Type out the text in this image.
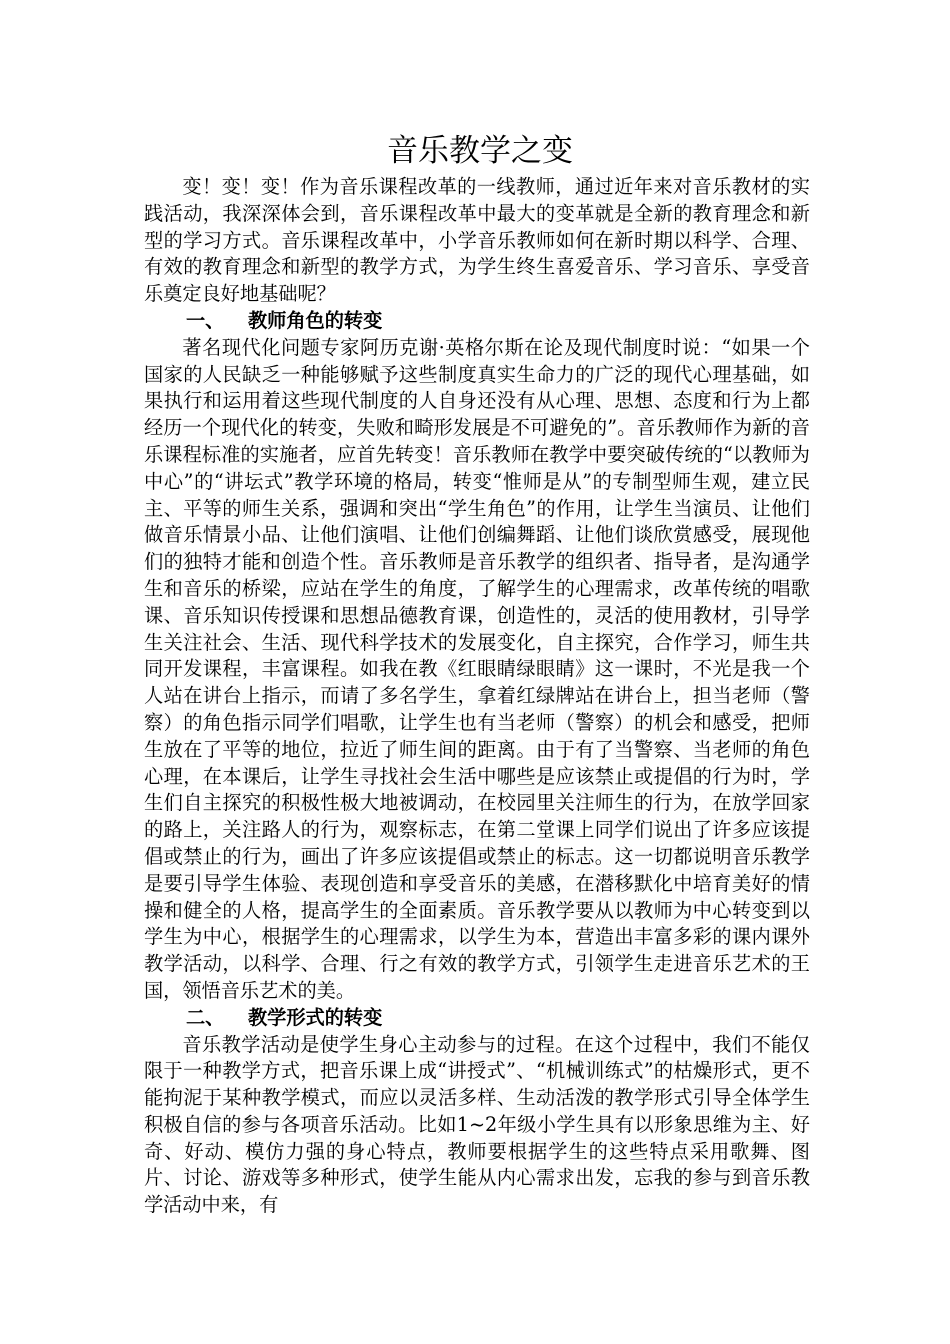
音乐教学之变

变！变！变！作为音乐课程改革的一线教师，通过近年来对音乐教材的实践活动，我深深体会到，音乐课程改革中最大的变革就是全新的教育理念和新型的学习方式。音乐课程改革中，小学音乐教师如何在新时期以科学、合理、有效的教育理念和新型的教学方式，为学生终生喜爱音乐、学习音乐、享受音乐奠定良好地基础呢？

一、 教师角色的转变

著名现代化问题专家阿历克谢·英格尔斯在论及现代制度时说：“如果一个国家的人民缺乏一种能够赋予这些制度真实生命力的广泛的现代心理基础，如果执行和运用着这些现代制度的人自身还没有从心理、思想、态度和行为上都经历一个现代化的转变，失败和畸形发展是不可避免的”。音乐教师作为新的音乐课程标准的实施者，应首先转变！音乐教师在教学中要突破传统的“以教师为中心”的“讲坛式”教学环境的格局，转变“惟师是从”的专制型师生观，建立民主、平等的师生关系，强调和突出“学生角色”的作用，让学生当演员、让他们做音乐情景小品、让他们演唱、让他们创编舞蹈、让他们谈欣赏感受，展现他们的独特才能和创造个性。音乐教师是音乐教学的组织者、指导者，是沟通学生和音乐的桥梁，应站在学生的角度，了解学生的心理需求，改革传统的唱歌课、音乐知识传授课和思想品德教育课，创造性的，灵活的使用教材，引导学生关注社会、生活、现代科学技术的发展变化，自主探究，合作学习，师生共同开发课程，丰富课程。如我在教《红眼睛绿眼睛》这一课时，不光是我一个人站在讲台上指示，而请了多名学生，拿着红绿牌站在讲台上，担当老师（警察）的角色指示同学们唱歌，让学生也有当老师（警察）的机会和感受，把师生放在了平等的地位，拉近了师生间的距离。由于有了当警察、当老师的角色心理，在本课后，让学生寻找社会生活中哪些是应该禁止或提倡的行为时，学生们自主探究的积极性极大地被调动，在校园里关注师生的行为，在放学回家的路上，关注路人的行为，观察标志，在第二堂课上同学们说出了许多应该提倡或禁止的行为，画出了许多应该提倡或禁止的标志。这一切都说明音乐教学是要引导学生体验、表现创造和享受音乐的美感，在潜移默化中培育美好的情操和健全的人格，提高学生的全面素质。音乐教学要从以教师为中心转变到以学生为中心，根据学生的心理需求，以学生为本，营造出丰富多彩的课内课外教学活动，以科学、合理、行之有效的教学方式，引领学生走进音乐艺术的王国，领悟音乐艺术的美。

二、 教学形式的转变

音乐教学活动是使学生身心主动参与的过程。在这个过程中，我们不能仅限于一种教学方式，把音乐课上成“讲授式”、“机械训练式”的枯燥形式，更不能拘泥于某种教学模式，而应以灵活多样、生动活泼的教学形式引导全体学生积极自信的参与各项音乐活动。比如1~2年级小学生具有以形象思维为主、好奇、好动、模仿力强的身心特点，教师要根据学生的这些特点采用歌舞、图片、讨论、游戏等多种形式，使学生能从内心需求出发，忘我的参与到音乐教学活动中来，有
